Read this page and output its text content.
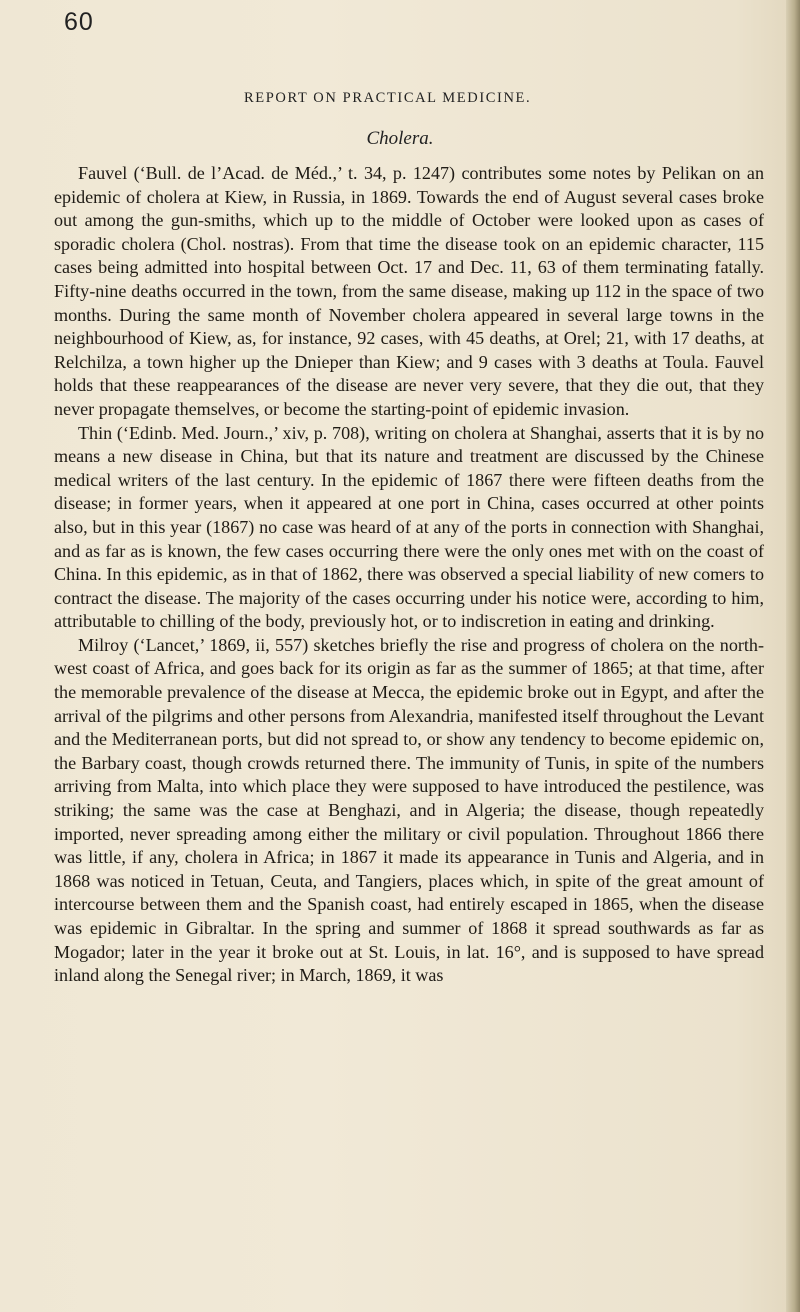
60
REPORT ON PRACTICAL MEDICINE.
Cholera.

Fauvel (‘Bull. de l’Acad. de Méd.,’ t. 34, p. 1247) contributes some notes by Pelikan on an epidemic of cholera at Kiew, in Russia, in 1869. Towards the end of August several cases broke out among the gun-smiths, which up to the middle of October were looked upon as cases of sporadic cholera (Chol. nostras). From that time the disease took on an epidemic character, 115 cases being admitted into hospital between Oct. 17 and Dec. 11, 63 of them terminating fatally. Fifty-nine deaths occurred in the town, from the same disease, making up 112 in the space of two months. During the same month of November cholera appeared in several large towns in the neighbourhood of Kiew, as, for instance, 92 cases, with 45 deaths, at Orel; 21, with 17 deaths, at Relchilza, a town higher up the Dnieper than Kiew; and 9 cases with 3 deaths at Toula. Fauvel holds that these reappearances of the disease are never very severe, that they die out, that they never propagate themselves, or become the starting-point of epidemic invasion.

Thin (‘Edinb. Med. Journ.,’ xiv, p. 708), writing on cholera at Shanghai, asserts that it is by no means a new disease in China, but that its nature and treatment are discussed by the Chinese medical writers of the last century. In the epidemic of 1867 there were fifteen deaths from the disease; in former years, when it appeared at one port in China, cases occurred at other points also, but in this year (1867) no case was heard of at any of the ports in connection with Shanghai, and as far as is known, the few cases occurring there were the only ones met with on the coast of China. In this epidemic, as in that of 1862, there was observed a special liability of new comers to contract the disease. The majority of the cases occurring under his notice were, according to him, attributable to chilling of the body, previously hot, or to indiscretion in eating and drinking.

Milroy (‘Lancet,’ 1869, ii, 557) sketches briefly the rise and progress of cholera on the north-west coast of Africa, and goes back for its origin as far as the summer of 1865; at that time, after the memorable prevalence of the disease at Mecca, the epidemic broke out in Egypt, and after the arrival of the pilgrims and other persons from Alexandria, manifested itself throughout the Levant and the Mediterranean ports, but did not spread to, or show any tendency to become epidemic on, the Barbary coast, though crowds returned there. The immunity of Tunis, in spite of the numbers arriving from Malta, into which place they were supposed to have introduced the pestilence, was striking; the same was the case at Benghazi, and in Algeria; the disease, though repeatedly imported, never spreading among either the military or civil population. Throughout 1866 there was little, if any, cholera in Africa; in 1867 it made its appearance in Tunis and Algeria, and in 1868 was noticed in Tetuan, Ceuta, and Tangiers, places which, in spite of the great amount of intercourse between them and the Spanish coast, had entirely escaped in 1865, when the disease was epidemic in Gibraltar. In the spring and summer of 1868 it spread southwards as far as Mogador; later in the year it broke out at St. Louis, in lat. 16°, and is supposed to have spread inland along the Senegal river; in March, 1869, it was
